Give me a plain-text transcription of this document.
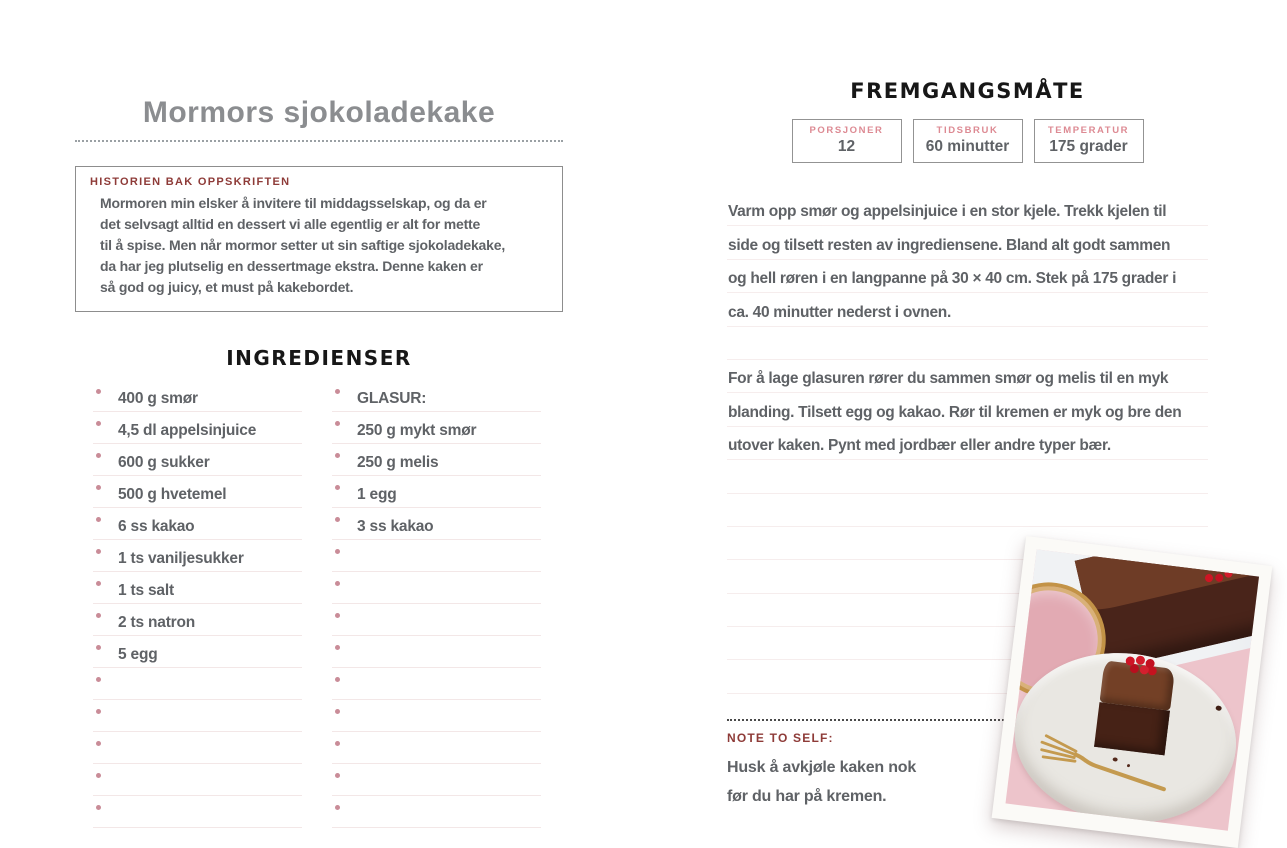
Mormors sjokoladekake
HISTORIEN BAK OPPSKRIFTEN
Mormoren min elsker å invitere til middagsselskap, og da er
det selvsagt alltid en dessert vi alle egentlig er alt for mette
til å spise. Men når mormor setter ut sin saftige sjokoladekake,
da har jeg plutselig en dessertmage ekstra. Denne kaken er
så god og juicy, et must på kakebordet.
INGREDIENSER
400 g smør
4,5 dl appelsinjuice
600 g sukker
500 g hvetemel
6 ss kakao
1 ts vaniljesukker
1 ts salt
2 ts natron
5 egg
GLASUR:
250 g mykt smør
250 g melis
1 egg
3 ss kakao
FREMGANGSMÅTE
PORSJONER
12
TIDSBRUK
60 minutter
TEMPERATUR
175 grader
Varm opp smør og appelsinjuice i en stor kjele. Trekk kjelen til
side og tilsett resten av ingrediensene. Bland alt godt sammen
og hell røren i en langpanne på 30 × 40 cm. Stek på 175 grader i
ca. 40 minutter nederst i ovnen.
For å lage glasuren rører du sammen smør og melis til en myk
blanding. Tilsett egg og kakao. Rør til kremen er myk og bre den
utover kaken. Pynt med jordbær eller andre typer bær.
NOTE TO SELF:
Husk å avkjøle kaken nok
før du har på kremen.
